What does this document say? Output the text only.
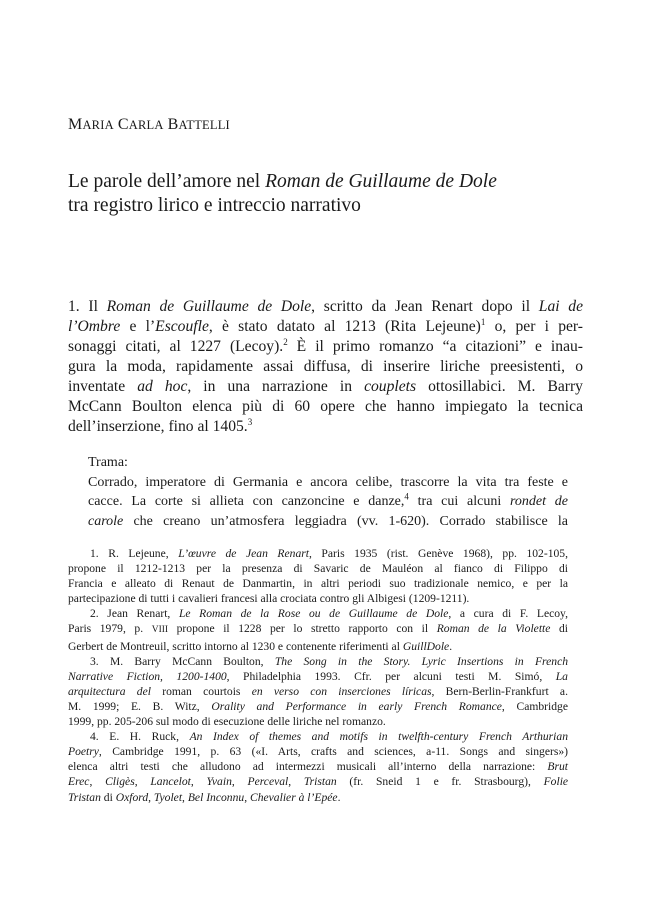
MARIA CARLA BATTELLI
Le parole dell’amore nel Roman de Guillaume de Dole
tra registro lirico e intreccio narrativo
1. Il Roman de Guillaume de Dole, scritto da Jean Renart dopo il Lai de
l’Ombre e l’Escoufle, è stato datato al 1213 (Rita Lejeune)$^1$ o, per i per-
sonaggi citati, al 1227 (Lecoy).$^2$ È il primo romanzo “a citazioni” e inau-
gura la moda, rapidamente assai diffusa, di inserire liriche preesistenti, o
inventate ad hoc, in una narrazione in couplets ottosillabici. M. Barry
McCann Boulton elenca più di 60 opere che hanno impiegato la tecnica
dell’inserzione, fino al 1405.$^3$
Trama:
Corrado, imperatore di Germania e ancora celibe, trascorre la vita tra feste e
cacce. La corte si allieta con canzoncine e danze,$^4$ tra cui alcuni rondet de
carole che creano un’atmosfera leggiadra (vv. 1-620). Corrado stabilisce la
1. R. Lejeune, L’œuvre de Jean Renart, Paris 1935 (rist. Genève 1968), pp. 102-105,
propone il 1212-1213 per la presenza di Savaric de Mauléon al fianco di Filippo di
Francia e alleato di Renaut de Danmartin, in altri periodi suo tradizionale nemico, e per la
partecipazione di tutti i cavalieri francesi alla crociata contro gli Albigesi (1209-1211).
2. Jean Renart, Le Roman de la Rose ou de Guillaume de Dole, a cura di F. Lecoy,
Paris 1979, p. VIII propone il 1228 per lo stretto rapporto con il Roman de la Violette di
Gerbert de Montreuil, scritto intorno al 1230 e contenente riferimenti al GuillDole.
3. M. Barry McCann Boulton, The Song in the Story. Lyric Insertions in French
Narrative Fiction, 1200-1400, Philadelphia 1993. Cfr. per alcuni testi M. Simó, La
arquitectura del roman courtois en verso con inserciones líricas, Bern-Berlin-Frankfurt a.
M. 1999; E. B. Witz, Orality and Performance in early French Romance, Cambridge
1999, pp. 205-206 sul modo di esecuzione delle liriche nel romanzo.
4. E. H. Ruck, An Index of themes and motifs in twelfth-century French Arthurian
Poetry, Cambridge 1991, p. 63 («I. Arts, crafts and sciences, a-11. Songs and singers»)
elenca altri testi che alludono ad intermezzi musicali all’interno della narrazione: Brut
Erec, Cligès, Lancelot, Yvain, Perceval, Tristan (fr. Sneid 1 e fr. Strasbourg), Folie
Tristan di Oxford, Tyolet, Bel Inconnu, Chevalier à l’Epée.
